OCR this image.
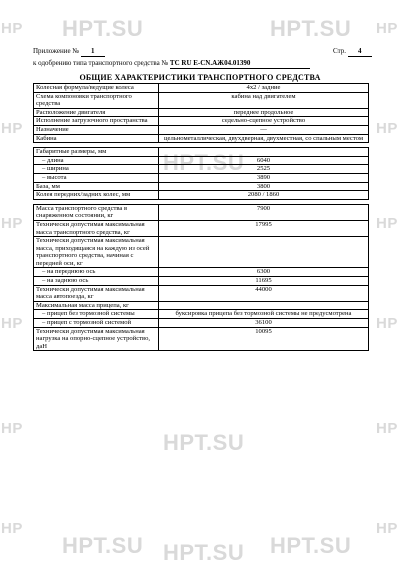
HPT.SU	HPT.SU
HPT.SU
HPT.SU
HPT.SU	HPT.SU
HPT.SU
HP	HP
HP	HP
HP	HP
HP	HP
HP	HP
HP	HP
Приложение № 1	Стр. 4
к одобрению типа транспортного средства № TC RU E-CN.АЖ04.01390
ОБЩИЕ ХАРАКТЕРИСТИКИ ТРАНСПОРТНОГО СРЕДСТВА
Колесная формула/ведущие колеса	4x2 / задние
Схема компоновки транспортного средства	кабина над двигателем
Расположение двигателя	переднее продольное
Исполнение загрузочного пространства	седельно-сцепное устройство
Назначение	—
Кабина	цельнометаллическая, двухдверная, двухместная, со спальным местом

Габаритные размеры, мм	
– длина	6040
– ширина	2525
– высота	3890
База, мм	3800
Колея передних/задних колес, мм	2080 / 1860

Масса транспортного средства в снаряженном состоянии, кг	7900
Технически допустимая максимальная масса транспортного средства, кг	17995
Технически допустимая максимальная масса, приходящаяся на каждую из осей транспортного средства, начиная с передней оси, кг	
– на переднюю ось	6300
– на заднюю ось	11695
Технически допустимая максимальная масса автопоезда, кг	44000
Максимальная масса прицепа, кг	
– прицеп без тормозной системы	буксировка прицепа без тормозной системы не предусмотрена
– прицеп с тормозной системой	36100
Технически допустимая максимальная нагрузка на опорно-сцепное устройство, даН	10095
